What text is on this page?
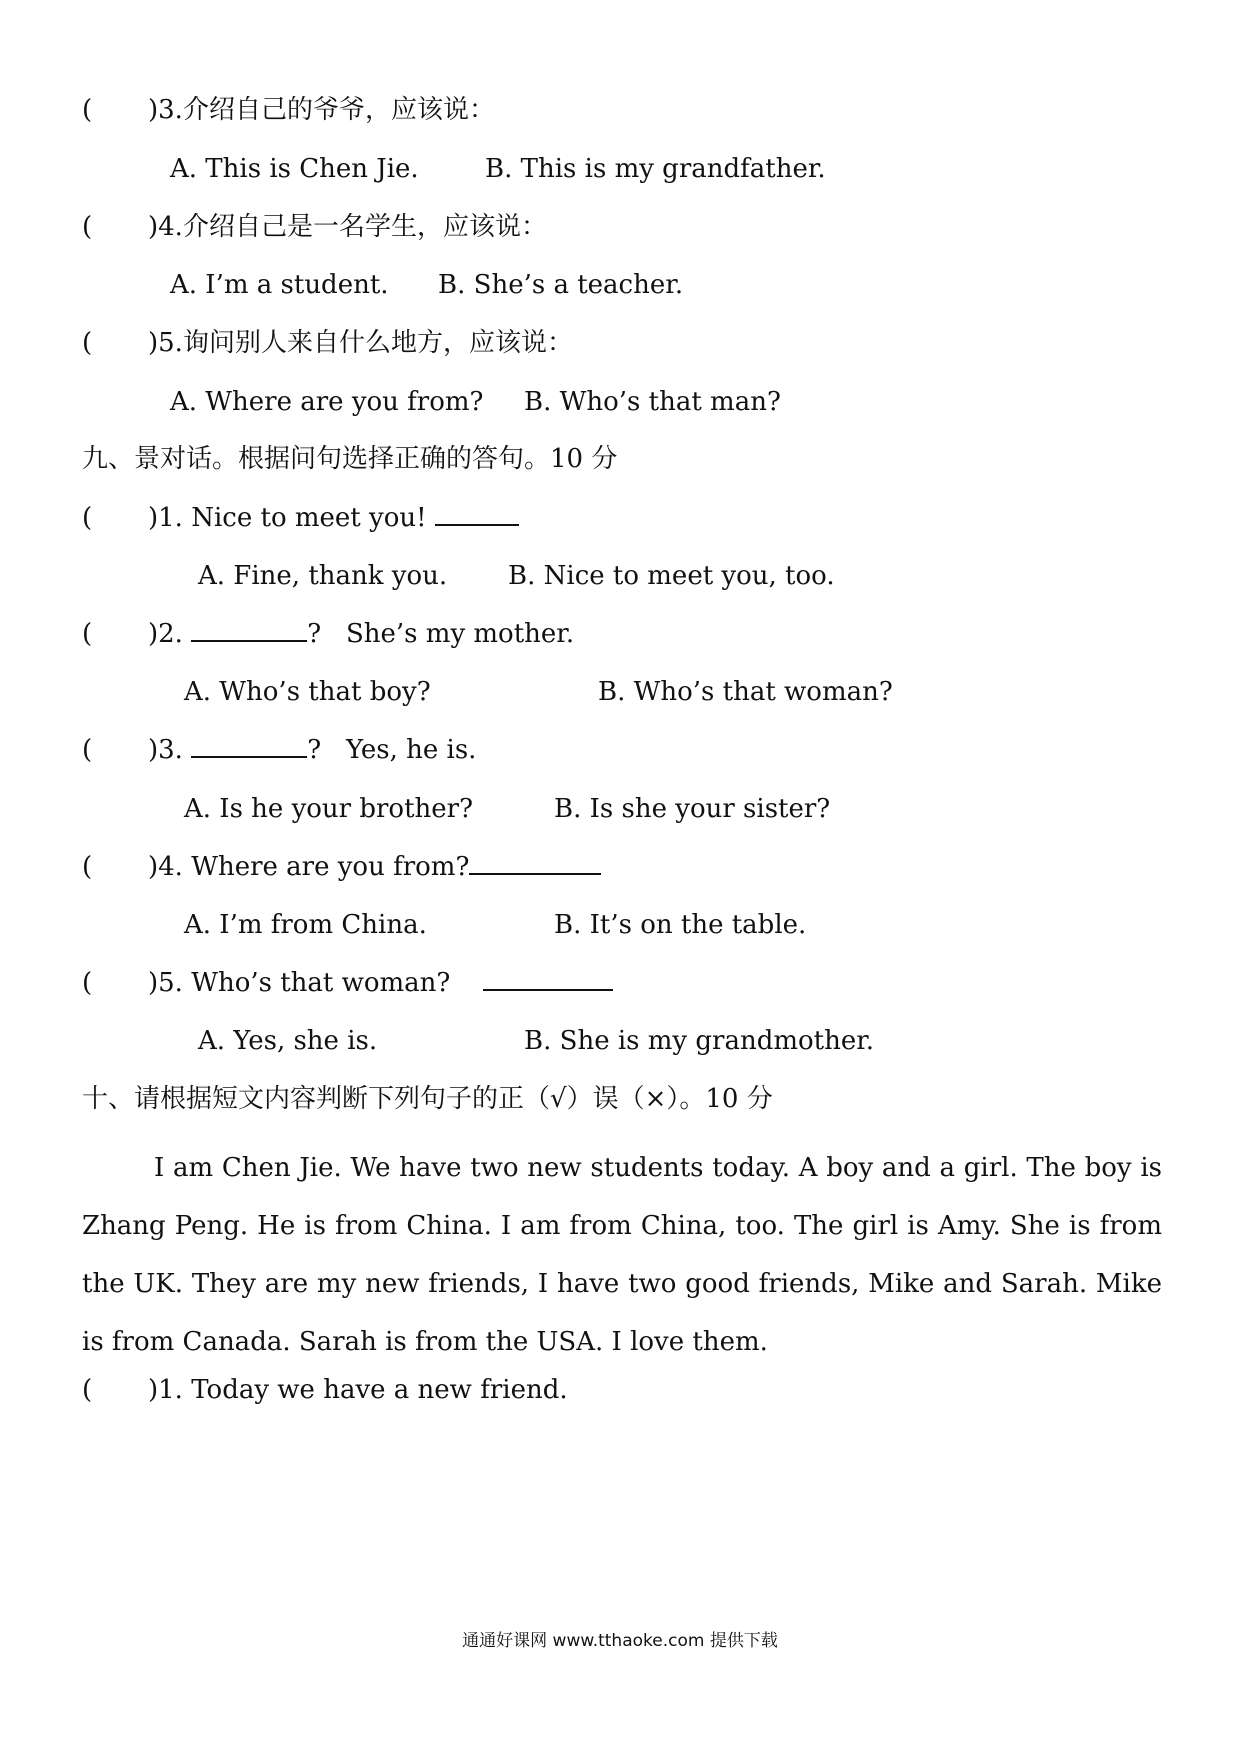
( )3.介绍自己的爷爷，应该说：
A. This is Chen Jie.	B. This is my grandfather.
( )4.介绍自己是一名学生，应该说：
A. I’m a student. B. She’s a teacher.
( )5.询问别人来自什么地方，应该说：
A. Where are you from? B. Who’s that man?
九、景对话。根据问句选择正确的答句。10 分
( )1. Nice to meet you!
A. Fine, thank you. B. Nice to meet you, too.
( )2.	? She’s my mother.
A. Who’s that boy?	B. Who’s that woman?
( )3.	? Yes, he is.
A. Is he your brother?	B. Is she your sister?
( )4. Where are you from?
A. I’m from China.	B. It’s on the table.
( )5. Who’s that woman?
A. Yes, she is.	B. She is my grandmother.
十、请根据短文内容判断下列句子的正（√）误（×）。10 分
I am Chen Jie. We have two new students today. A boy and a girl. The boy is Zhang Peng. He is from China. I am from China, too. The girl is Amy. She is from the UK. They are my new friends, I have two good friends, Mike and Sarah. Mike is from Canada. Sarah is from the USA. I love them.
( )1. Today we have a new friend.
通通好课网 www.tthaoke.com 提供下载
